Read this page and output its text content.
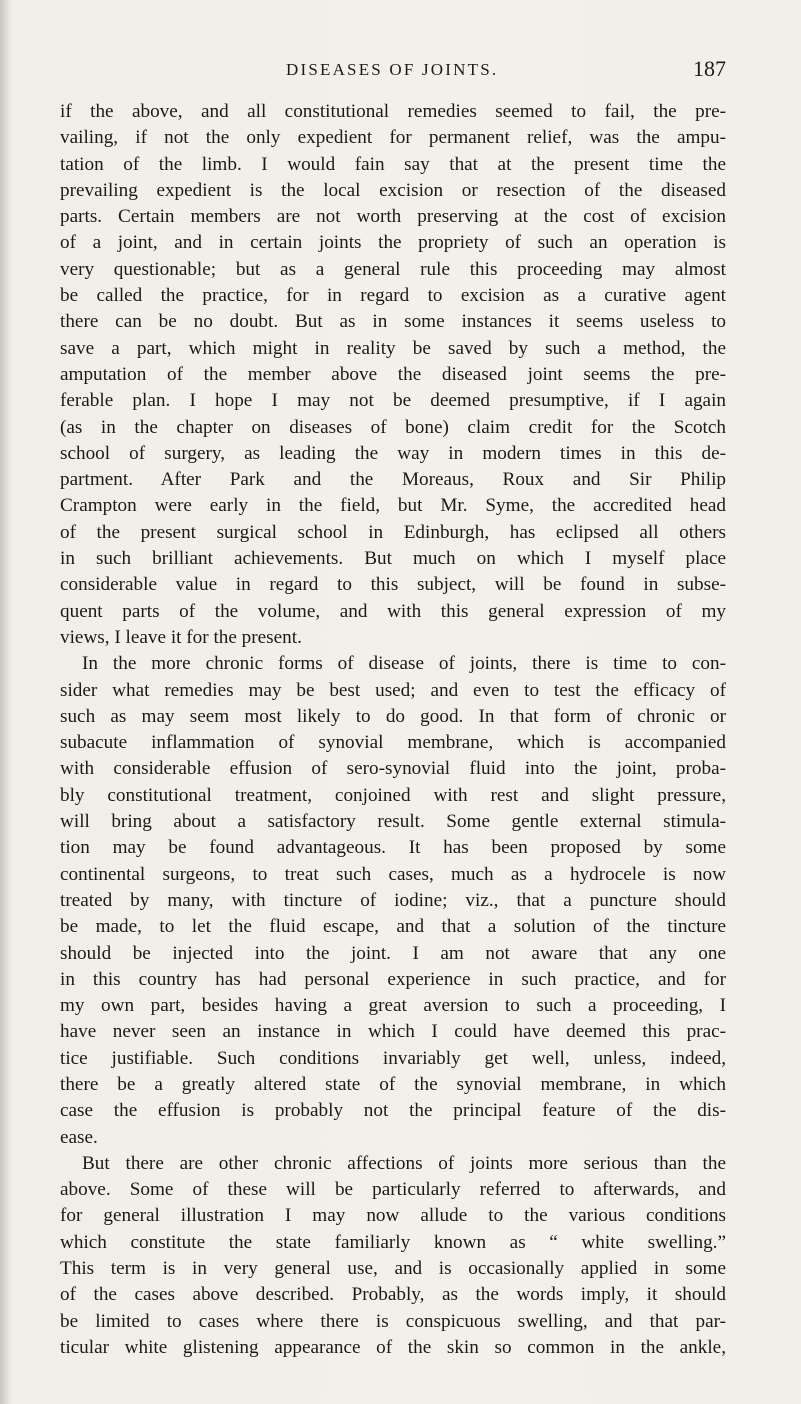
DISEASES OF JOINTS.	187
if the above, and all constitutional remedies seemed to fail, the pre-
vailing, if not the only expedient for permanent relief, was the ampu-
tation of the limb. I would fain say that at the present time the
prevailing expedient is the local excision or resection of the diseased
parts. Certain members are not worth preserving at the cost of excision
of a joint, and in certain joints the propriety of such an operation is
very questionable; but as a general rule this proceeding may almost
be called the practice, for in regard to excision as a curative agent
there can be no doubt. But as in some instances it seems useless to
save a part, which might in reality be saved by such a method, the
amputation of the member above the diseased joint seems the pre-
ferable plan. I hope I may not be deemed presumptive, if I again
(as in the chapter on diseases of bone) claim credit for the Scotch
school of surgery, as leading the way in modern times in this de-
partment. After Park and the Moreaus, Roux and Sir Philip
Crampton were early in the field, but Mr. Syme, the accredited head
of the present surgical school in Edinburgh, has eclipsed all others
in such brilliant achievements. But much on which I myself place
considerable value in regard to this subject, will be found in subse-
quent parts of the volume, and with this general expression of my
views, I leave it for the present.
In the more chronic forms of disease of joints, there is time to con-
sider what remedies may be best used; and even to test the efficacy of
such as may seem most likely to do good. In that form of chronic or
subacute inflammation of synovial membrane, which is accompanied
with considerable effusion of sero-synovial fluid into the joint, proba-
bly constitutional treatment, conjoined with rest and slight pressure,
will bring about a satisfactory result. Some gentle external stimula-
tion may be found advantageous. It has been proposed by some
continental surgeons, to treat such cases, much as a hydrocele is now
treated by many, with tincture of iodine; viz., that a puncture should
be made, to let the fluid escape, and that a solution of the tincture
should be injected into the joint. I am not aware that any one
in this country has had personal experience in such practice, and for
my own part, besides having a great aversion to such a proceeding, I
have never seen an instance in which I could have deemed this prac-
tice justifiable. Such conditions invariably get well, unless, indeed,
there be a greatly altered state of the synovial membrane, in which
case the effusion is probably not the principal feature of the dis-
ease.
But there are other chronic affections of joints more serious than the
above. Some of these will be particularly referred to afterwards, and
for general illustration I may now allude to the various conditions
which constitute the state familiarly known as “ white swelling.”
This term is in very general use, and is occasionally applied in some
of the cases above described. Probably, as the words imply, it should
be limited to cases where there is conspicuous swelling, and that par-
ticular white glistening appearance of the skin so common in the ankle,
